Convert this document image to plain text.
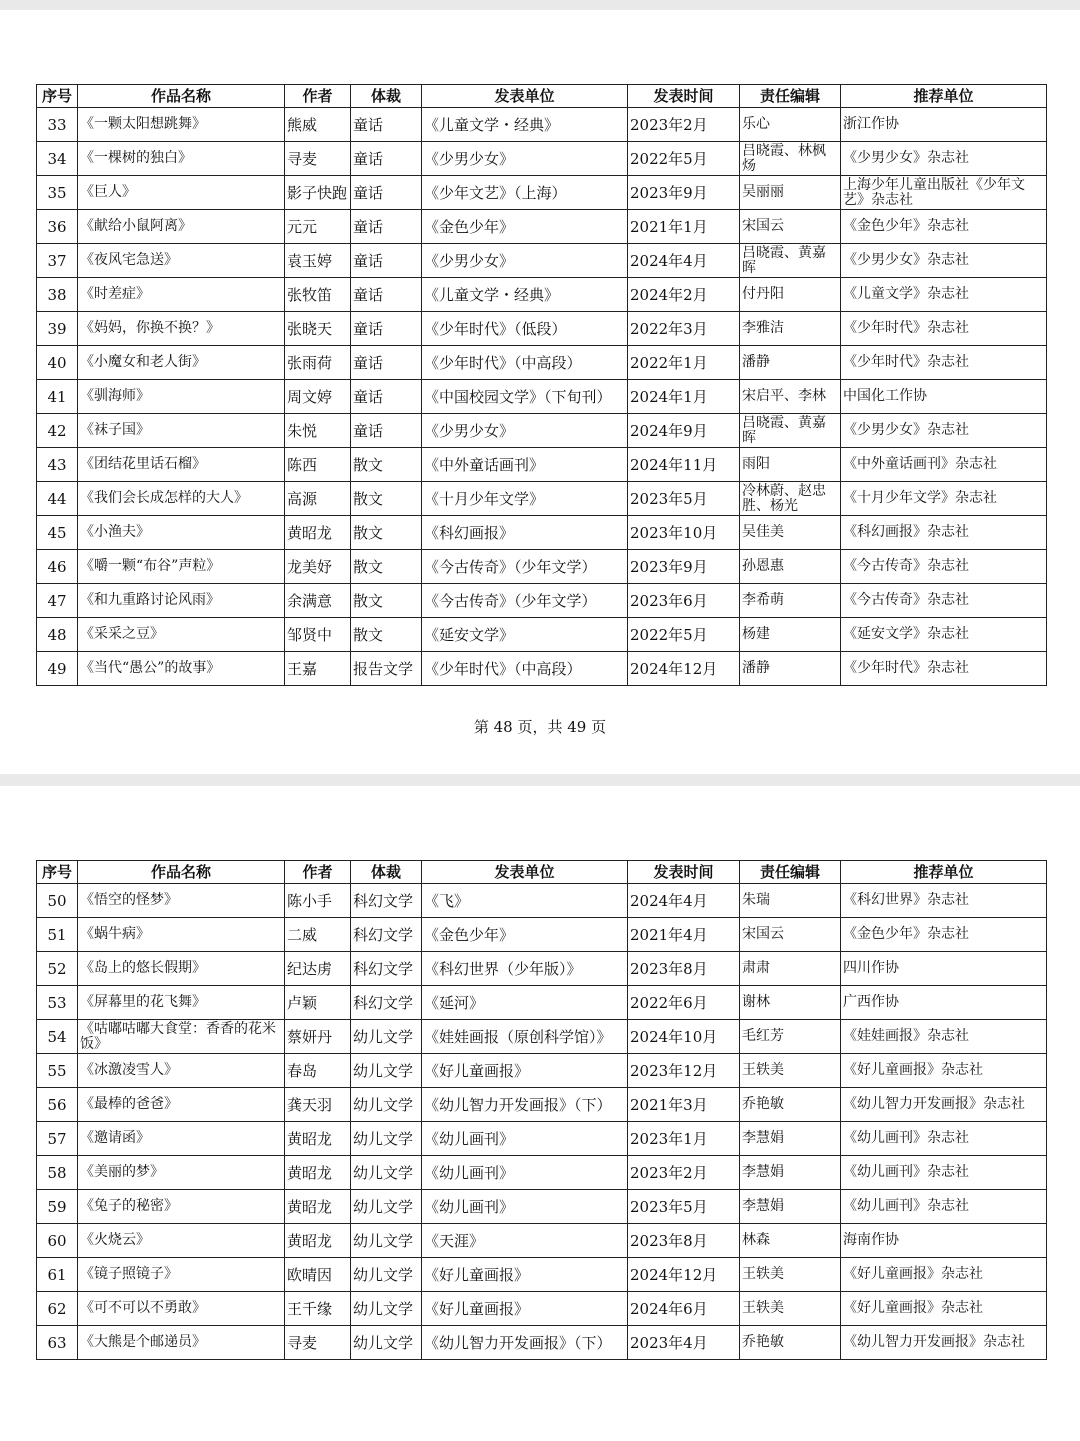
序号	作品名称	作者	体裁	发表单位	发表时间	责任编辑	推荐单位
33	《一颗太阳想跳舞》	熊威	童话	《儿童文学・经典》	2023年2月	乐心	浙江作协
34	《一棵树的独白》	寻麦	童话	《少男少女》	2022年5月	吕晓霞、林枫炀	《少男少女》杂志社
35	《巨人》	影子快跑	童话	《少年文艺》（上海）	2023年9月	吴丽丽	上海少年儿童出版社《少年文艺》杂志社
36	《献给小鼠阿离》	元元	童话	《金色少年》	2021年1月	宋国云	《金色少年》杂志社
37	《夜风宅急送》	袁玉婷	童话	《少男少女》	2024年4月	吕晓霞、黄嘉晖	《少男少女》杂志社
38	《时差症》	张牧笛	童话	《儿童文学・经典》	2024年2月	付丹阳	《儿童文学》杂志社
39	《妈妈，你换不换？》	张晓天	童话	《少年时代》（低段）	2022年3月	李雅洁	《少年时代》杂志社
40	《小魔女和老人街》	张雨荷	童话	《少年时代》（中高段）	2022年1月	潘静	《少年时代》杂志社
41	《驯海师》	周文婷	童话	《中国校园文学》（下旬刊）	2024年1月	宋启平、李林	中国化工作协
42	《袜子国》	朱悦	童话	《少男少女》	2024年9月	吕晓霞、黄嘉晖	《少男少女》杂志社
43	《团结花里话石榴》	陈西	散文	《中外童话画刊》	2024年11月	雨阳	《中外童话画刊》杂志社
44	《我们会长成怎样的大人》	高源	散文	《十月少年文学》	2023年5月	冷林蔚、赵忠胜、杨光	《十月少年文学》杂志社
45	《小渔夫》	黄昭龙	散文	《科幻画报》	2023年10月	吴佳美	《科幻画报》杂志社
46	《嚼一颗“布谷”声粒》	龙美妤	散文	《今古传奇》（少年文学）	2023年9月	孙恩惠	《今古传奇》杂志社
47	《和九重路讨论风雨》	余满意	散文	《今古传奇》（少年文学）	2023年6月	李希萌	《今古传奇》杂志社
48	《采采之豆》	邹贤中	散文	《延安文学》	2022年5月	杨建	《延安文学》杂志社
49	《当代“愚公”的故事》	王嘉	报告文学	《少年时代》（中高段）	2024年12月	潘静	《少年时代》杂志社
第 48 页，共 49 页
序号	作品名称	作者	体裁	发表单位	发表时间	责任编辑	推荐单位
50	《悟空的怪梦》	陈小手	科幻文学	《飞》	2024年4月	朱瑞	《科幻世界》杂志社
51	《蜗牛病》	二威	科幻文学	《金色少年》	2021年4月	宋国云	《金色少年》杂志社
52	《岛上的悠长假期》	纪达虏	科幻文学	《科幻世界（少年版）》	2023年8月	肃肃	四川作协
53	《屏幕里的花飞舞》	卢颖	科幻文学	《延河》	2022年6月	谢林	广西作协
54	《咕嘟咕嘟大食堂：香香的花米饭》	蔡妍丹	幼儿文学	《娃娃画报（原创科学馆）》	2024年10月	毛红芳	《娃娃画报》杂志社
55	《冰激凌雪人》	春岛	幼儿文学	《好儿童画报》	2023年12月	王轶美	《好儿童画报》杂志社
56	《最棒的爸爸》	龚天羽	幼儿文学	《幼儿智力开发画报》（下）	2021年3月	乔艳敏	《幼儿智力开发画报》杂志社
57	《邀请函》	黄昭龙	幼儿文学	《幼儿画刊》	2023年1月	李慧娟	《幼儿画刊》杂志社
58	《美丽的梦》	黄昭龙	幼儿文学	《幼儿画刊》	2023年2月	李慧娟	《幼儿画刊》杂志社
59	《兔子的秘密》	黄昭龙	幼儿文学	《幼儿画刊》	2023年5月	李慧娟	《幼儿画刊》杂志社
60	《火烧云》	黄昭龙	幼儿文学	《天涯》	2023年8月	林森	海南作协
61	《镜子照镜子》	欧晴因	幼儿文学	《好儿童画报》	2024年12月	王轶美	《好儿童画报》杂志社
62	《可不可以不勇敢》	王千缘	幼儿文学	《好儿童画报》	2024年6月	王轶美	《好儿童画报》杂志社
63	《大熊是个邮递员》	寻麦	幼儿文学	《幼儿智力开发画报》（下）	2023年4月	乔艳敏	《幼儿智力开发画报》杂志社
